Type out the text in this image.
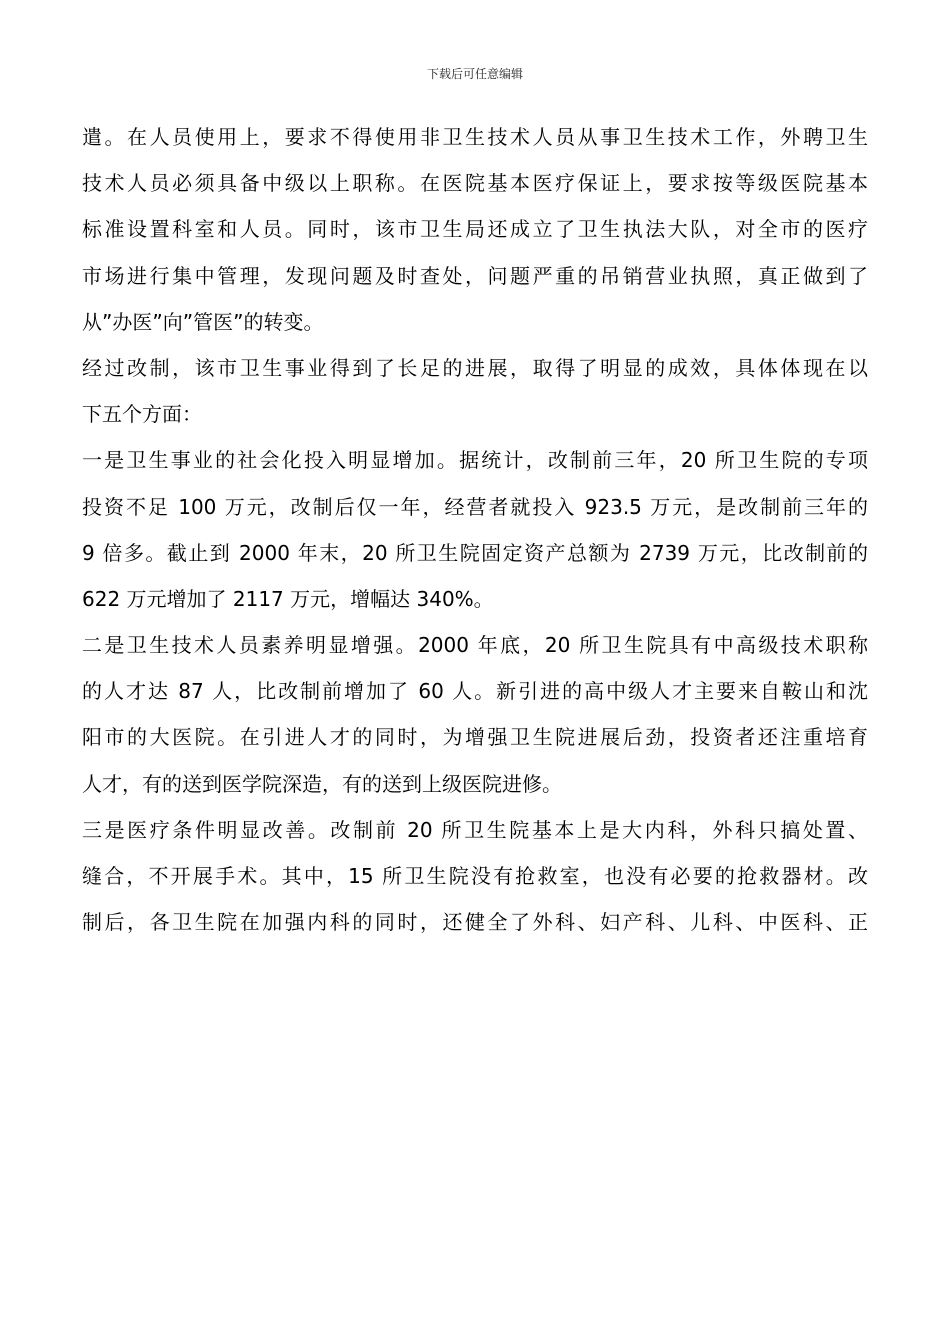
下载后可任意编辑
遣。在人员使用上，要求不得使用非卫生技术人员从事卫生技术工作，外聘卫生
技术人员必须具备中级以上职称。在医院基本医疗保证上，要求按等级医院基本
标准设置科室和人员。同时，该市卫生局还成立了卫生执法大队，对全市的医疗
市场进行集中管理，发现问题及时查处，问题严重的吊销营业执照，真正做到了
从”办医”向”管医”的转变。
经过改制，该市卫生事业得到了长足的进展，取得了明显的成效，具体体现在以
下五个方面：
一是卫生事业的社会化投入明显增加。据统计，改制前三年，20 所卫生院的专项
投资不足 100 万元，改制后仅一年，经营者就投入 923.5 万元，是改制前三年的
9 倍多。截止到 2000 年末，20 所卫生院固定资产总额为 2739 万元，比改制前的
622 万元增加了 2117 万元，增幅达 340%。
二是卫生技术人员素养明显增强。2000 年底，20 所卫生院具有中高级技术职称
的人才达 87 人，比改制前增加了 60 人。新引进的高中级人才主要来自鞍山和沈
阳市的大医院。在引进人才的同时，为增强卫生院进展后劲，投资者还注重培育
人才，有的送到医学院深造，有的送到上级医院进修。
三是医疗条件明显改善。改制前 20 所卫生院基本上是大内科，外科只搞处置、
缝合，不开展手术。其中，15 所卫生院没有抢救室，也没有必要的抢救器材。改
制后，各卫生院在加强内科的同时，还健全了外科、妇产科、儿科、中医科、正
